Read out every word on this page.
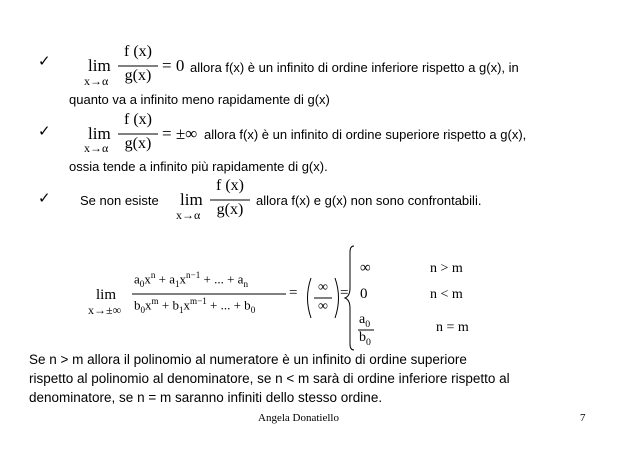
✓ lim
x→α
f (x)
g(x)
= 0 allora f(x) è un infinito di ordine inferiore rispetto a g(x), in
quanto va a infinito meno rapidamente di g(x)
✓ lim
x→α
f (x)
g(x)
= ±∞ allora f(x) è un infinito di ordine superiore rispetto a g(x),
ossia tende a infinito più rapidamente di g(x).
✓ Se non esiste lim
x→α
f (x)
g(x)
allora f(x) e g(x) non sono confrontabili.
lim
x→±∞
$a_0x^n + a_1x^{n-1}$ + ... + $a_n$
$b_0x^m + b_1x^{m-1}$ + ... + $b_0$
=	∞
∞
=
∞	n > m
0	n < m
$a_0$
$b_0$
n = m
Se n > m allora il polinomio al numeratore è un infinito di ordine superiore
rispetto al polinomio al denominatore, se n < m sarà di ordine inferiore rispetto al
denominatore, se n = m saranno infiniti dello stesso ordine.
Angela Donatiello	7
